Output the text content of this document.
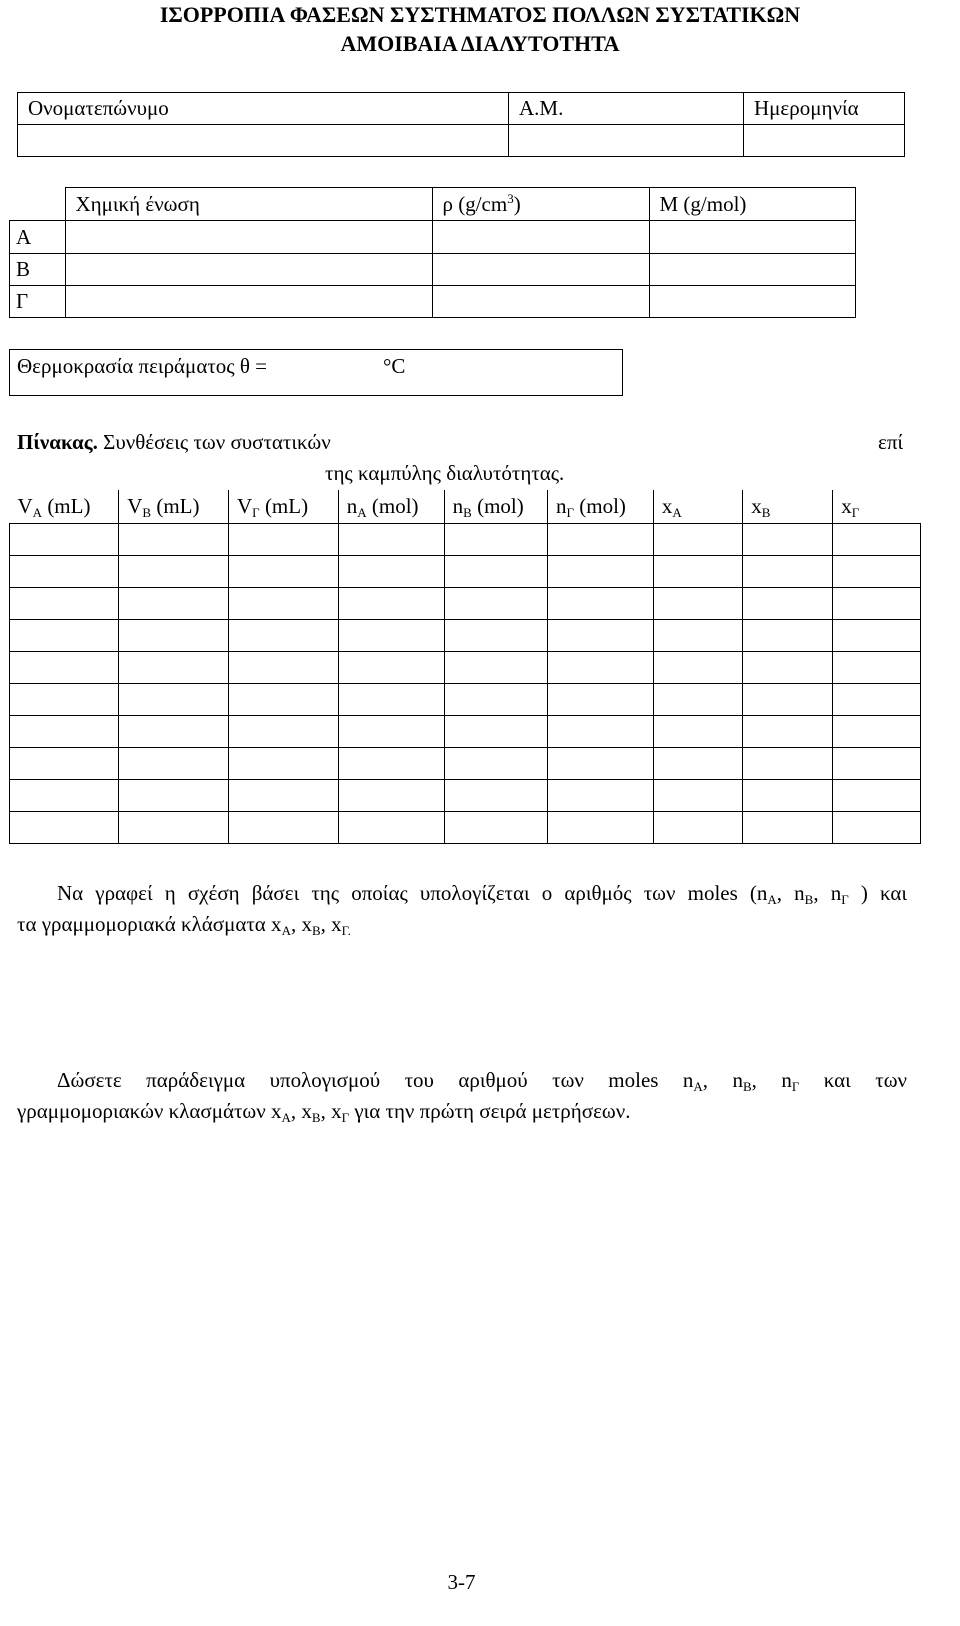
ΙΣΟΡΡΟΠΙΑ ΦΑΣΕΩΝ ΣΥΣΤΗΜΑΤΟΣ ΠΟΛΛΩΝ ΣΥΣΤΑΤΙΚΩΝ
ΑΜΟΙΒΑΙΑ ΔΙΑΛΥΤΟΤΗΤΑ
Ονοματεπώνυμο	Α.Μ.	Ημερομηνία

	Χημική ένωση	ρ $(g/cm^3)$	Μ (g/mol)
Α			
Β			
Γ			
Θερμοκρασία πειράματος θ =	°C
Πίνακας. Συνθέσεις των συστατικών	επί
της καμπύλης διαλυτότητας.
$V_A$ (mL)	$V_B$ (mL)	$V_\Gamma$ (mL)	$n_A$ (mol)	$n_B$ (mol)	$n_\Gamma$ (mol)	$x_A$	$x_B$	$x_\Gamma$

Να γραφεί η σχέση βάσει της οποίας υπολογίζεται ο αριθμός των moles ($n_A$, $n_B$, $n_\Gamma$ ) και
τα γραμμομοριακά κλάσματα $x_A$, $x_B$, $x_{\Gamma.}$
Δώσετε παράδειγμα υπολογισμού του αριθμού των moles $n_A$, $n_B$, $n_\Gamma$ και των
γραμμομοριακών κλασμάτων $x_A$, $x_B$, $x_\Gamma$ για την πρώτη σειρά μετρήσεων.
3-7
